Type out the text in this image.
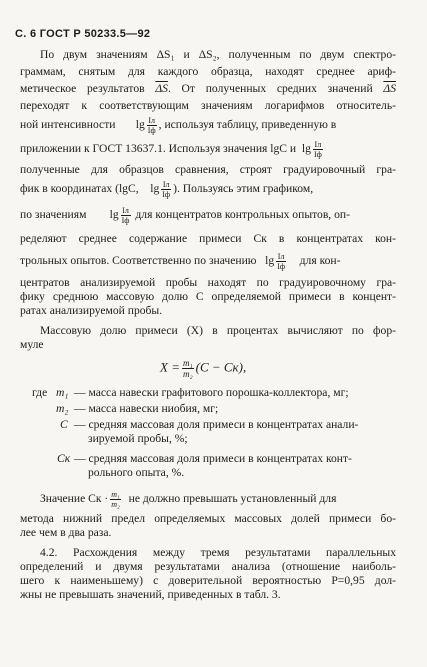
С. 6 ГОСТ Р 50233.5—92
По двум значениям ΔS₁ и ΔS₂, полученным по двум спектро-
граммам, снятым для каждого образца, находят среднее ариф-
метическое результатов $\overline{\Delta S}$. От полученных средних значений $\overline{\Delta S}$
переходят к соответствующим значениям логарифмов относитель-
ной интенсивности $\lg \frac{Iл}{Iф}$ , используя таблицу, приведенную в
приложении к ГОСТ 13637.1. Используя значения lgC и $\lg \frac{Iл}{Iф}$
полученные для образцов сравнения, строят градуировочный гра-
фик в координатах (lgC, $\lg \frac{Iл}{Iф}$ ). Пользуясь этим графиком,
по значениям $\lg \frac{Iл}{Iф}$ для концентратов контрольных опытов, оп-
ределяют среднее содержание примеси Cк в концентратах кон-
трольных опытов. Соответственно по значению $\lg \frac{Iл}{Iф}$ для кон-
центратов анализируемой пробы находят по градуировочному гра-
фику среднюю массовую долю C определяемой примеси в концент-
ратах анализируемой пробы.
Массовую долю примеси (X) в процентах вычисляют по фор-
муле
$X = \frac{\text{m₁}}{\text{m₂}} (C - Cк)$,
где m₁ — масса навески графитового порошка-коллектора, мг;
m₂ — масса навески ниобия, мг;
C — средняя массовая доля примеси в концентратах анали-
зируемой пробы, %;
Cк — средняя массовая доля примеси в концентратах конт-
рольного опыта, %.
Значение Cк · $\frac{\text{m₁}}{\text{m₂}}$ не должно превышать установленный для
метода нижний предел определяемых массовых долей примеси бо-
лее чем в два раза.
4.2. Расхождения между тремя результатами параллельных
определений и двумя результатами анализа (отношение наиболь-
шего к наименьшему) с доверительной вероятностью P=0,95 дол-
жны не превышать значений, приведенных в табл. 3.
